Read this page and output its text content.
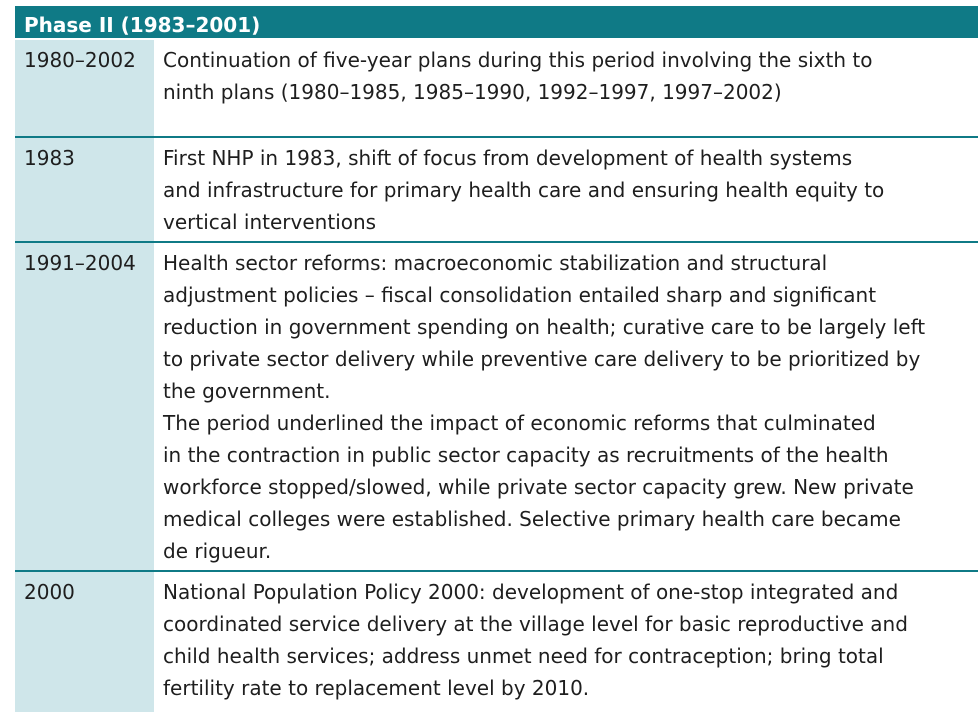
Phase II (1983–2001)
1980–2002	Continuation of five-year plans during this period involving the sixth to
ninth plans (1980–1985, 1985–1990, 1992–1997, 1997–2002)
1983	First NHP in 1983, shift of focus from development of health systems
and infrastructure for primary health care and ensuring health equity to
vertical interventions
1991–2004	Health sector reforms: macroeconomic stabilization and structural
adjustment policies – fiscal consolidation entailed sharp and significant
reduction in government spending on health; curative care to be largely left
to private sector delivery while preventive care delivery to be prioritized by
the government.
The period underlined the impact of economic reforms that culminated
in the contraction in public sector capacity as recruitments of the health
workforce stopped/slowed, while private sector capacity grew. New private
medical colleges were established. Selective primary health care became
de rigueur.
2000	National Population Policy 2000: development of one-stop integrated and
coordinated service delivery at the village level for basic reproductive and
child health services; address unmet need for contraception; bring total
fertility rate to replacement level by 2010.
